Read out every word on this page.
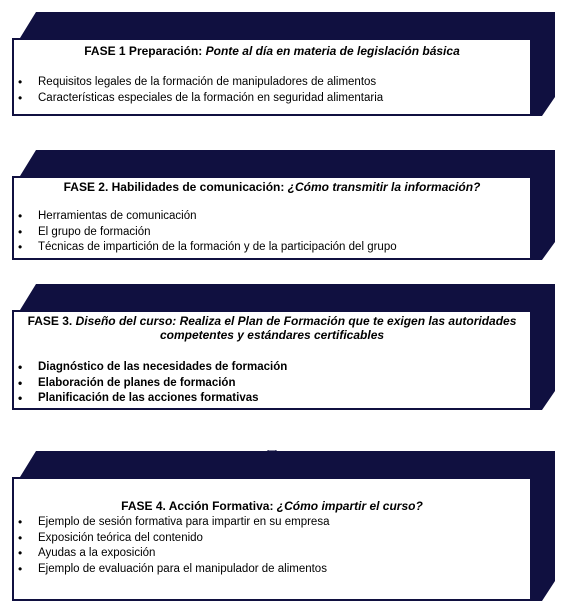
FASE 1 Preparación: Ponte al día en materia de legislación básica
• Requisitos legales de la formación de manipuladores de alimentos
• Características especiales de la formación en seguridad alimentaria
FASE 2. Habilidades de comunicación: ¿Cómo transmitir la información?
• Herramientas de comunicación
• El grupo de formación
• Técnicas de impartición de la formación y de la participación del grupo
FASE 3. Diseño del curso: Realiza el Plan de Formación que te exigen las autoridades competentes y estándares certificables
• Diagnóstico de las necesidades de formación
• Elaboración de planes de formación
• Planificación de las acciones formativas
FASE 4. Acción Formativa: ¿Cómo impartir el curso?
• Ejemplo de sesión formativa para impartir en su empresa
• Exposición teórica del contenido
• Ayudas a la exposición
• Ejemplo de evaluación para el manipulador de alimentos
